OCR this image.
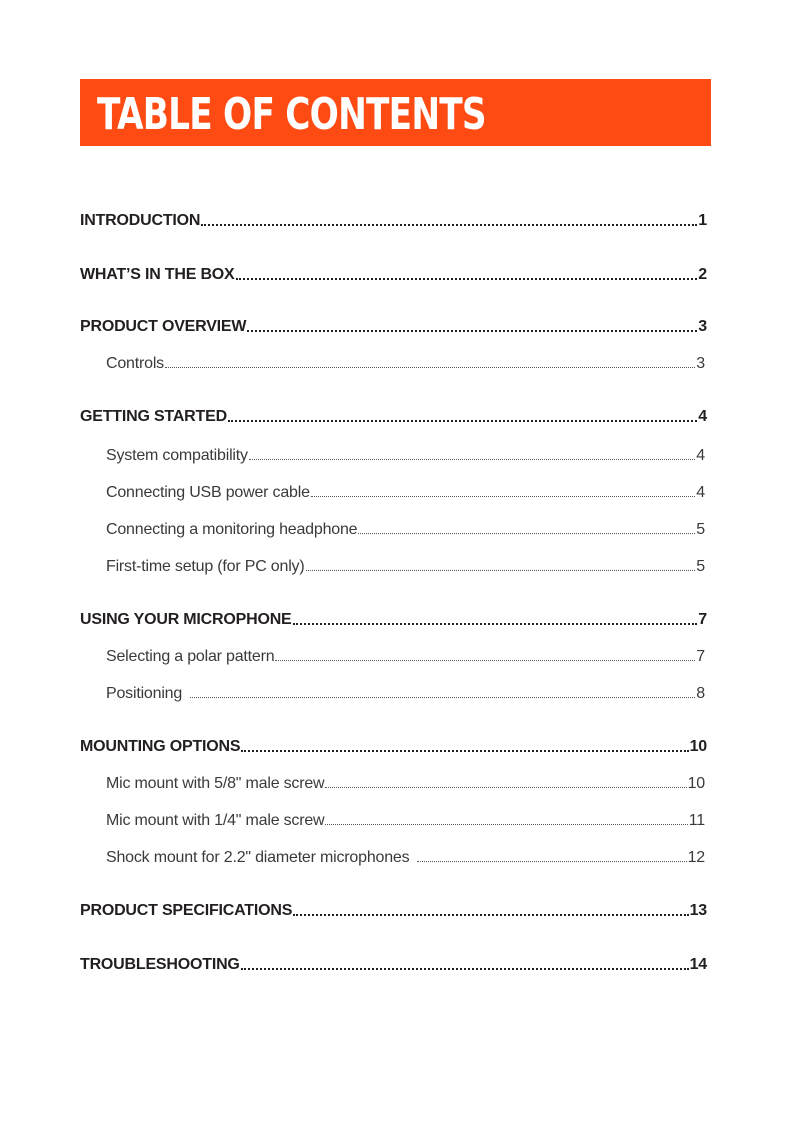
TABLE OF CONTENTS
INTRODUCTION	1
WHAT’S IN THE BOX	2
PRODUCT OVERVIEW	3
Controls	3
GETTING STARTED	4
System compatibility	4
Connecting USB power cable	4
Connecting a monitoring headphone	5
First-time setup (for PC only)	5
USING YOUR MICROPHONE	7
Selecting a polar pattern	7
Positioning	8
MOUNTING OPTIONS	10
Mic mount with 5/8" male screw	10
Mic mount with 1/4" male screw	11
Shock mount for 2.2" diameter microphones	12
PRODUCT SPECIFICATIONS	13
TROUBLESHOOTING	14
